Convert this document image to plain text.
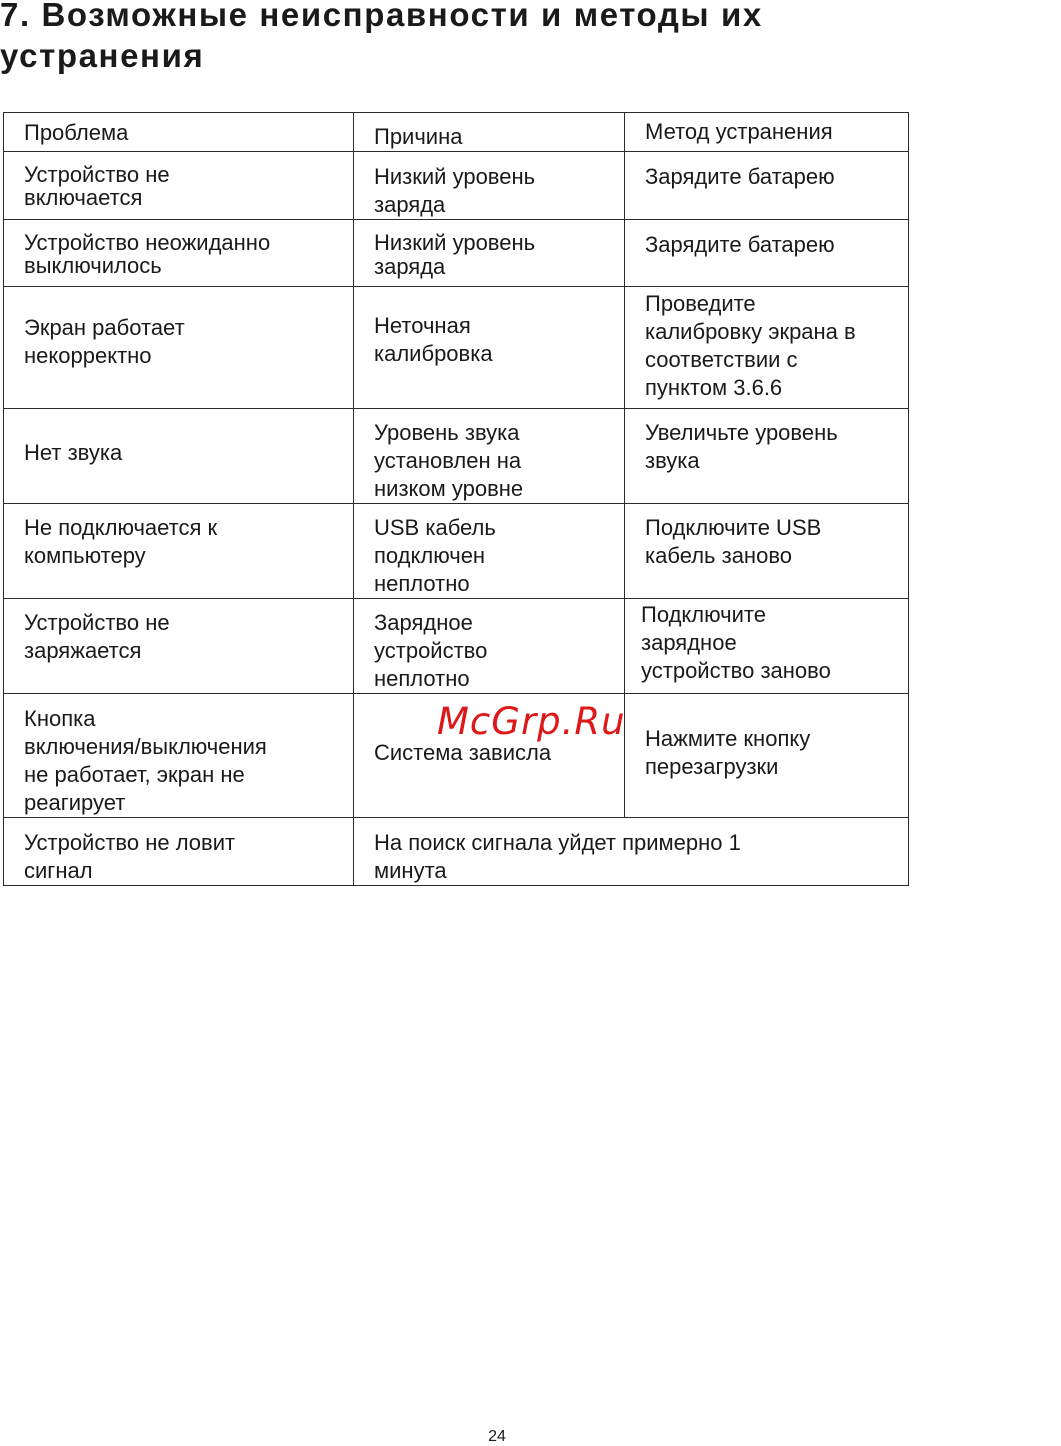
7. Возможные неисправности и методы их
устранения
Проблема	Причина	Метод устранения

Устройство не
включается	Низкий уровень
заряда	Зарядите батарею

Устройство неожиданно
выключилось	Низкий уровень
заряда	Зарядите батарею

Экран работает
некорректно	Неточная
калибровка	Проведите
калибровку экрана в
соответствии с
пунктом 3.6.6

Нет звука	Уровень звука
установлен на
низком уровне	Увеличьте уровень
звука

Не подключается к
компьютеру	USB кабель
подключен
неплотно	Подключите USB
кабель заново

Устройство не
заряжается	Зарядное
устройство
неплотно	Подключите
зарядное
устройство заново

Кнопка
включения/выключения
не работает, экран не
реагирует	Система зависла	Нажмите кнопку
перезагрузки

Устройство не ловит
сигнал	На поиск сигнала уйдет примерно 1
минута	
McGrp.Ru
24
